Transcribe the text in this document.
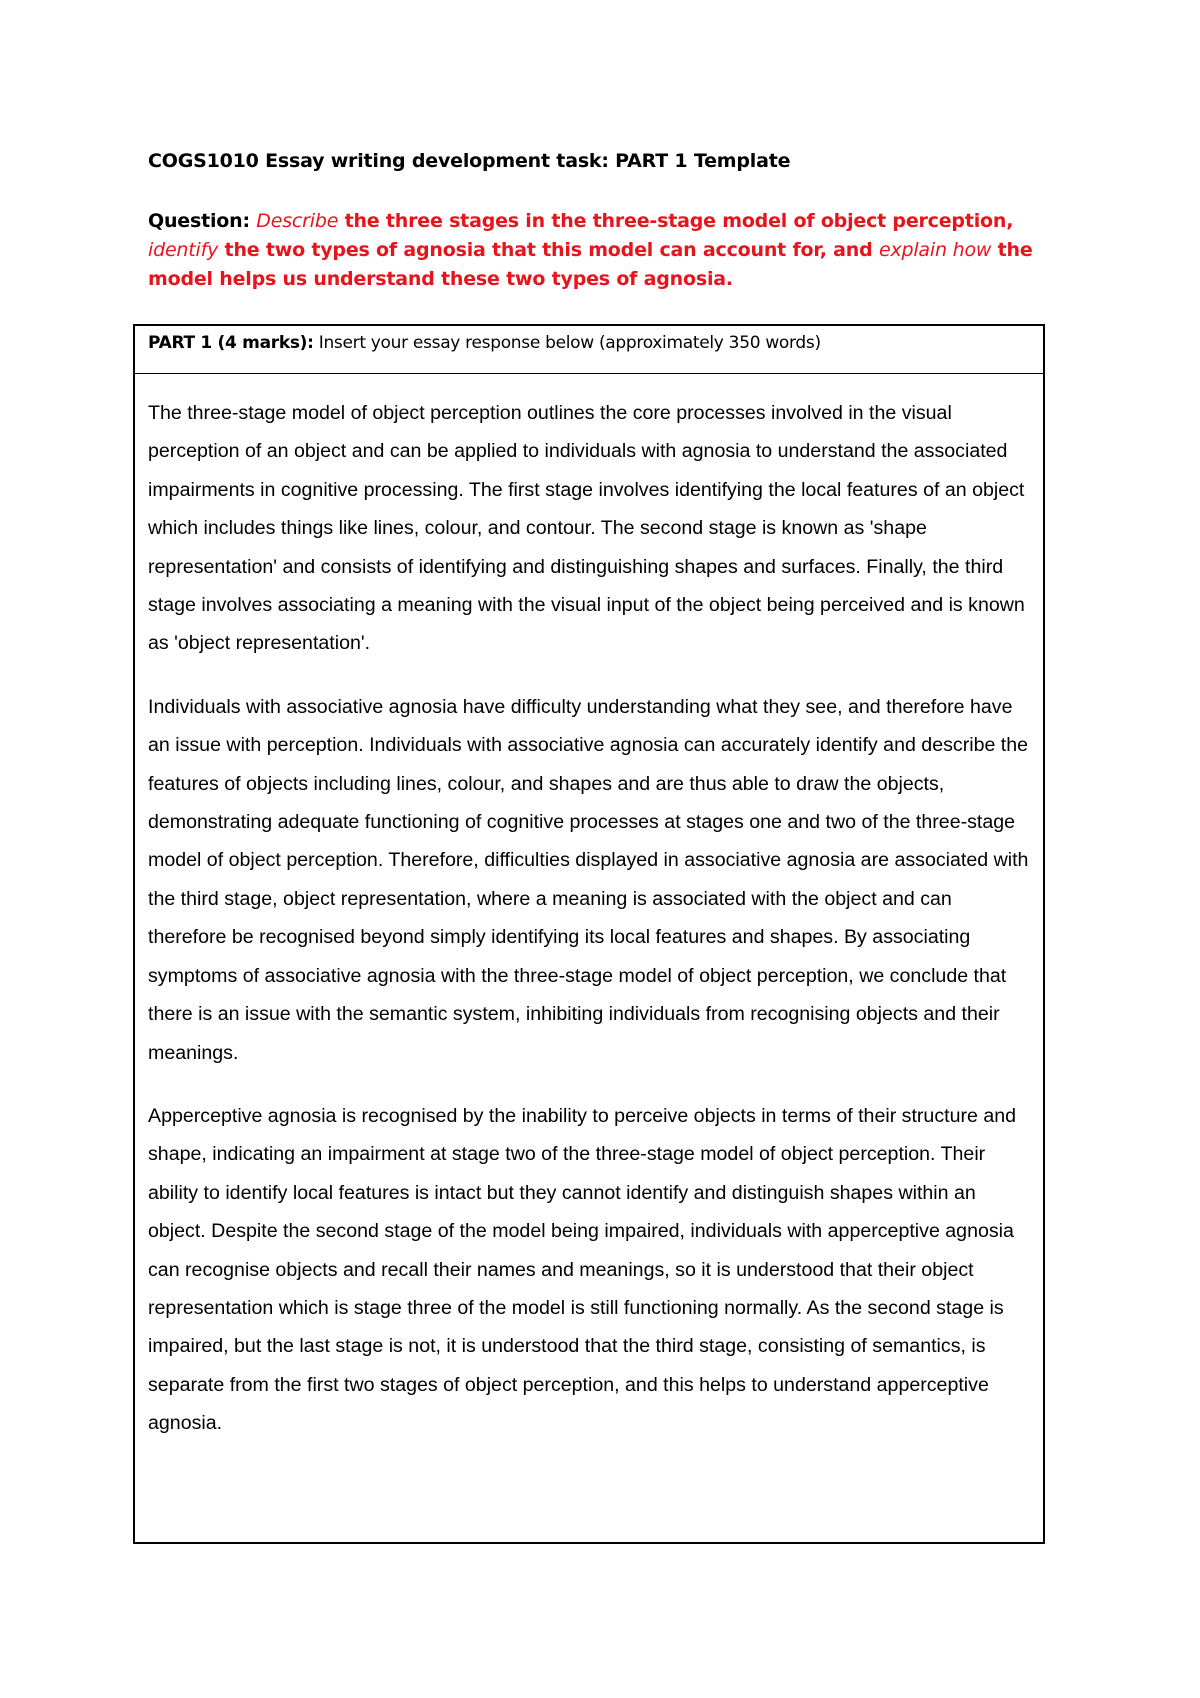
COGS1010 Essay writing development task: PART 1 Template

Question: Describe the three stages in the three-stage model of object perception, identify the two types of agnosia that this model can account for, and explain how the model helps us understand these two types of agnosia.

PART 1 (4 marks): Insert your essay response below (approximately 350 words)

The three-stage model of object perception outlines the core processes involved in the visual perception of an object and can be applied to individuals with agnosia to understand the associated impairments in cognitive processing. The first stage involves identifying the local features of an object which includes things like lines, colour, and contour. The second stage is known as 'shape representation' and consists of identifying and distinguishing shapes and surfaces. Finally, the third stage involves associating a meaning with the visual input of the object being perceived and is known as 'object representation'.

Individuals with associative agnosia have difficulty understanding what they see, and therefore have an issue with perception. Individuals with associative agnosia can accurately identify and describe the features of objects including lines, colour, and shapes and are thus able to draw the objects, demonstrating adequate functioning of cognitive processes at stages one and two of the three-stage model of object perception. Therefore, difficulties displayed in associative agnosia are associated with the third stage, object representation, where a meaning is associated with the object and can therefore be recognised beyond simply identifying its local features and shapes. By associating symptoms of associative agnosia with the three-stage model of object perception, we conclude that there is an issue with the semantic system, inhibiting individuals from recognising objects and their meanings.

Apperceptive agnosia is recognised by the inability to perceive objects in terms of their structure and shape, indicating an impairment at stage two of the three-stage model of object perception. Their ability to identify local features is intact but they cannot identify and distinguish shapes within an object. Despite the second stage of the model being impaired, individuals with apperceptive agnosia can recognise objects and recall their names and meanings, so it is understood that their object representation which is stage three of the model is still functioning normally. As the second stage is impaired, but the last stage is not, it is understood that the third stage, consisting of semantics, is separate from the first two stages of object perception, and this helps to understand apperceptive agnosia.
